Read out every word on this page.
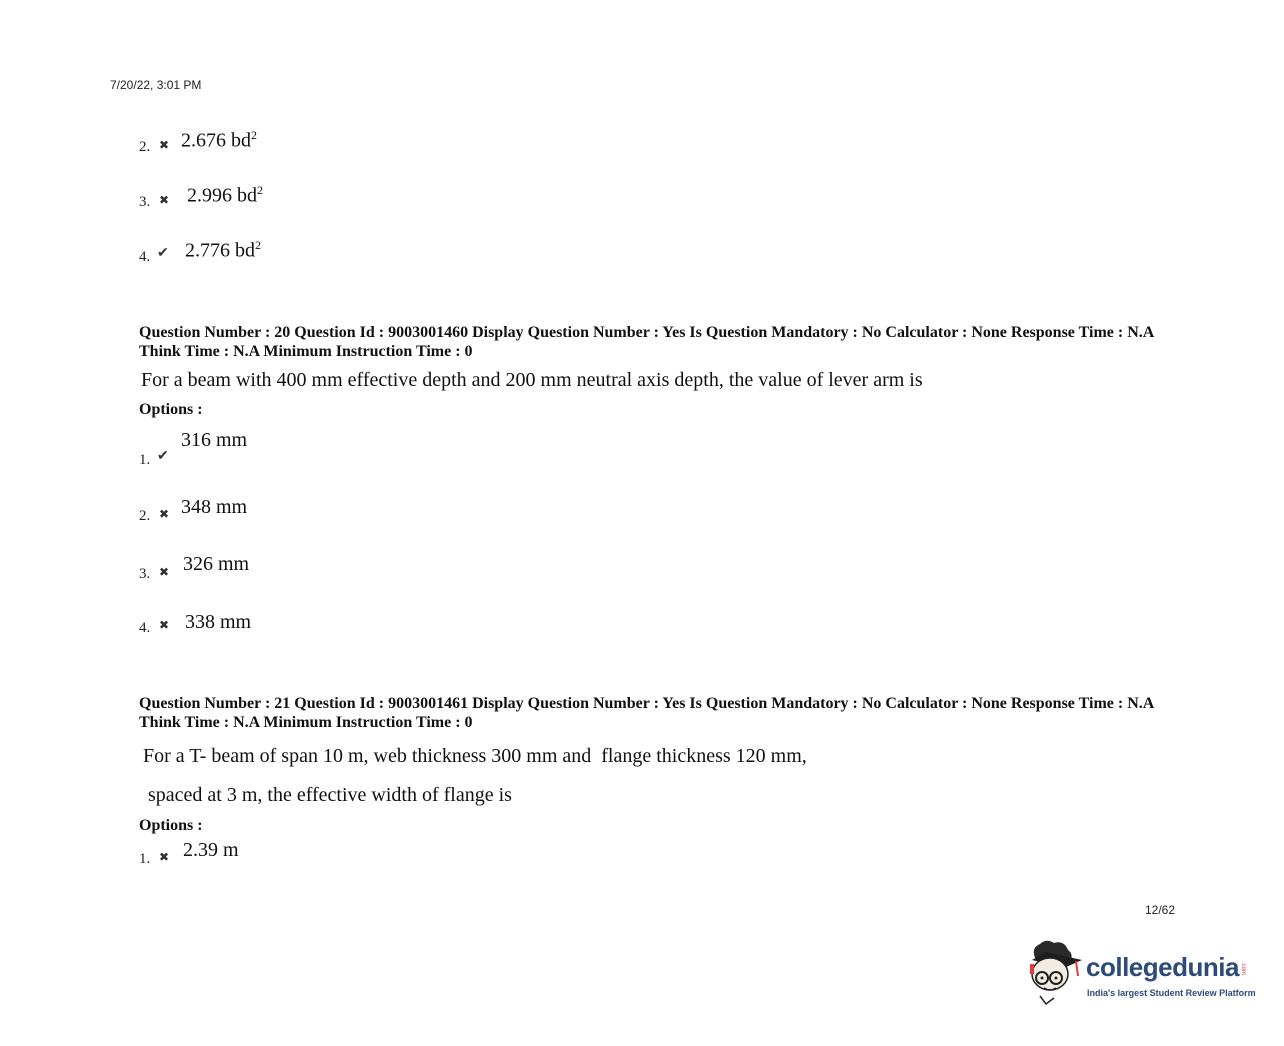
7/20/22, 3:01 PM
2. ✖ 2.676 $bd^2$
3. ✖ 2.996 $bd^2$
4. ✔ 2.776 $bd^2$
Question Number : 20 Question Id : 9003001460 Display Question Number : Yes Is Question Mandatory : No Calculator : None Response Time : N.A Think Time : N.A Minimum Instruction Time : 0
For a beam with 400 mm effective depth and 200 mm neutral axis depth, the value of lever arm is
Options :
1. ✔
316 mm
2. ✖ 348 mm
3. ✖ 326 mm
4. ✖ 338 mm
Question Number : 21 Question Id : 9003001461 Display Question Number : Yes Is Question Mandatory : No Calculator : None Response Time : N.A Think Time : N.A Minimum Instruction Time : 0
For a T- beam of span 10 m, web thickness 300 mm and  flange thickness 120 mm,
spaced at 3 m, the effective width of flange is
Options :
1. ✖ 2.39 m
12/62
collegedunia .com
India's largest Student Review Platform
